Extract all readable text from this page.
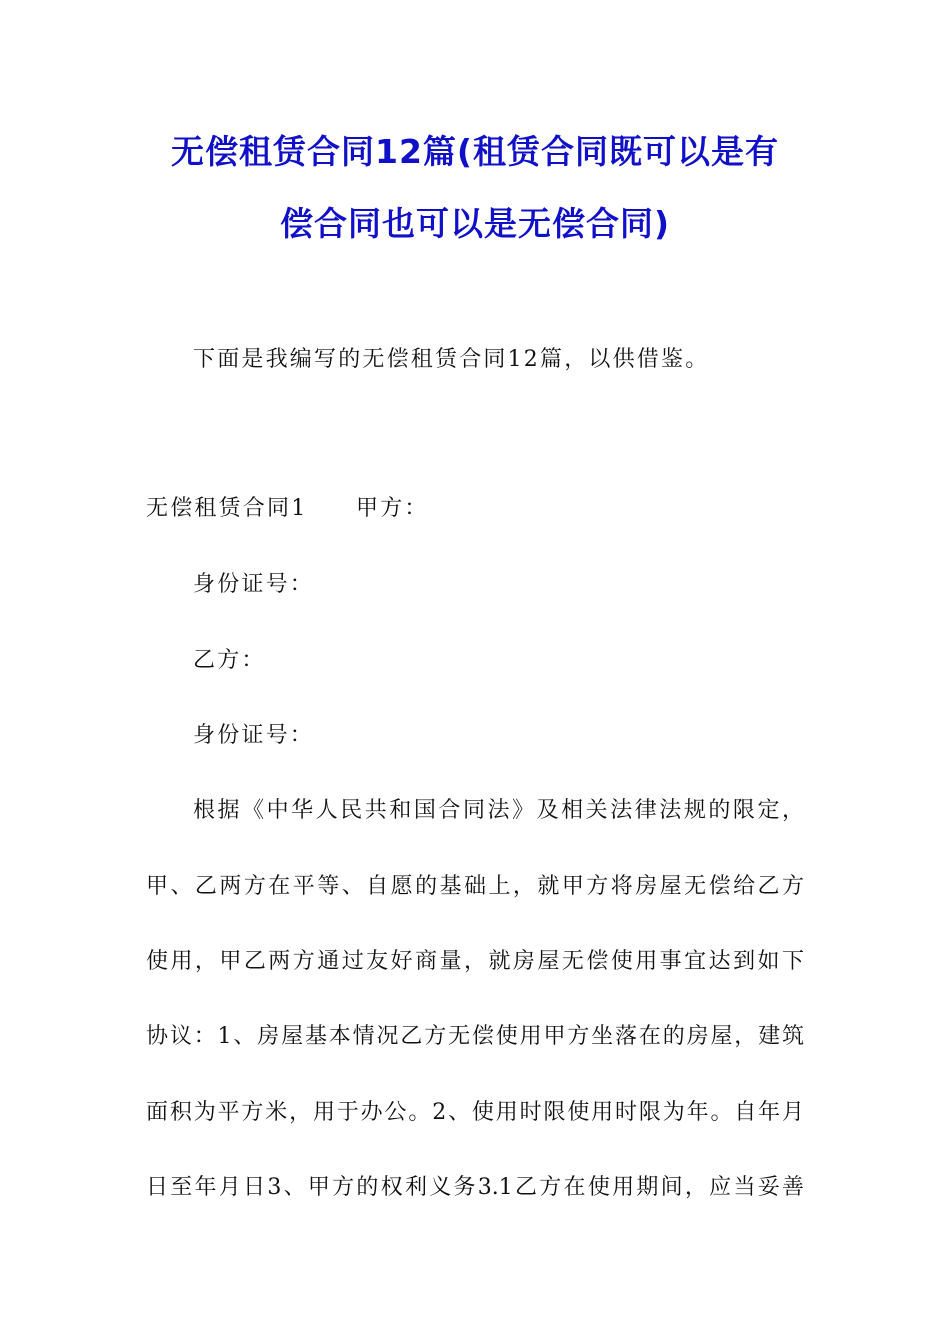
无偿租赁合同12篇(租赁合同既可以是有
偿合同也可以是无偿合同)
下面是我编写的无偿租赁合同12篇，以供借鉴。
无偿租赁合同1 甲方：
身份证号：
乙方：
身份证号：
根据《中华人民共和国合同法》及相关法律法规的限定，
甲、乙两方在平等、自愿的基础上，就甲方将房屋无偿给乙方
使用，甲乙两方通过友好商量，就房屋无偿使用事宜达到如下
协议：1、房屋基本情况乙方无偿使用甲方坐落在的房屋，建筑
面积为平方米，用于办公。2、使用时限使用时限为年。自年月
日至年月日3、甲方的权利义务3.1乙方在使用期间，应当妥善
